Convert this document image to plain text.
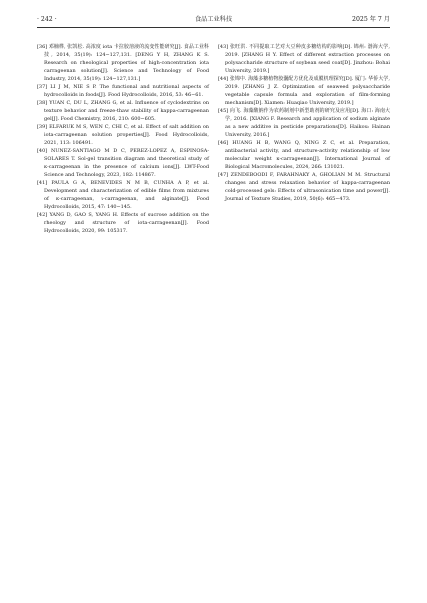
· 242 ·	食品工业科技	2025 年 7 月

[36] 邓楠桦, 张凯松. 高浓度 iota 卡拉胶溶液的流变性能研究[J]. 食品工业科技, 2014, 35(19): 124−127,131. [DENG Y H, ZHANG K S. Research on rheological properties of high-concentration iota carrageenan solution[J]. Science and Technology of Food Industry, 2014, 35(19): 124−127,131.]

[37] LI J M, NIE S P. The functional and nutritional aspects of hydrocolloids in foods[J]. Food Hydrocolloids, 2016, 53: 46−61.

[38] YUAN C, DU L, ZHANG G, et al. Influence of cyclodextrins on texture behavior and freeze-thaw stability of kappa-carrageenan gel[J]. Food Chemistry, 2016, 210: 600−605.

[39] ELFARUK M S, WEN C, CHI C, et al. Effect of salt addition on iota-carrageenan solution properties[J]. Food Hydrocolloids, 2021, 113: 106491.

[40] NUNEZ-SANTIAGO M D C, PEREZ-LOPEZ A, ESPINOSA-SOLARES T. Sol-gel transition diagram and theoretical study of κ-carrageenan in the presence of calcium ions[J]. LWT-Food Science and Technology, 2023, 182: 114867.

[41] PAULA G A, BENEVIDES N M B, CUNHA A P, et al. Development and characterization of edible films from mixtures of κ-carrageenan, ι-carrageenan, and alginate[J]. Food Hydrocolloids, 2015, 47: 140−145.

[42] YANG D, GAO S, YANG H. Effects of sucrose addition on the rheology and structure of iota-carrageenan[J]. Food Hydrocolloids, 2020, 99: 105317.

[43] 张旺洪. 不同提取工艺对大豆种皮多糖结构的影响[D]. 锦州: 渤海大学, 2019. [ZHANG H Y. Effect of different extraction processes on polysaccharide structure of soybean seed coat[D]. Jinzhou: Bohai University, 2019.]

[44] 张锦中. 海藻多糖植物胶囊配方优化及成膜机理探究[D]. 厦门: 华侨大学, 2019. [ZHANG J Z. Optimization of seaweed polysaccharide vegetable capsule formula and exploration of film-forming mechanism[D]. Xiamen: Huaqiao University, 2019.]

[45] 向飞. 海藻酸钠作为农药制剂中新型助剂的研究及应用[D]. 海口: 海南大学, 2016. [XIANG F. Research and application of sodium alginate as a new additive in pesticide preparations[D]. Haikou: Hainan University, 2016.]

[46] HUANG H B, WANG Q, NING Z C, et al. Preparation, antibacterial activity, and structure-activity relationship of low molecular weight κ-carrageenan[J]. International Journal of Biological Macromolecules, 2024, 266: 131021.

[47] ZENDEBOODI F, FARAHNAKY A, GHOLIAN M M. Structural changes and stress relaxation behavior of kappa-carrageenan cold-processed gels: Effects of ultrasonication time and power[J]. Journal of Texture Studies, 2019, 50(6): 465−473.
